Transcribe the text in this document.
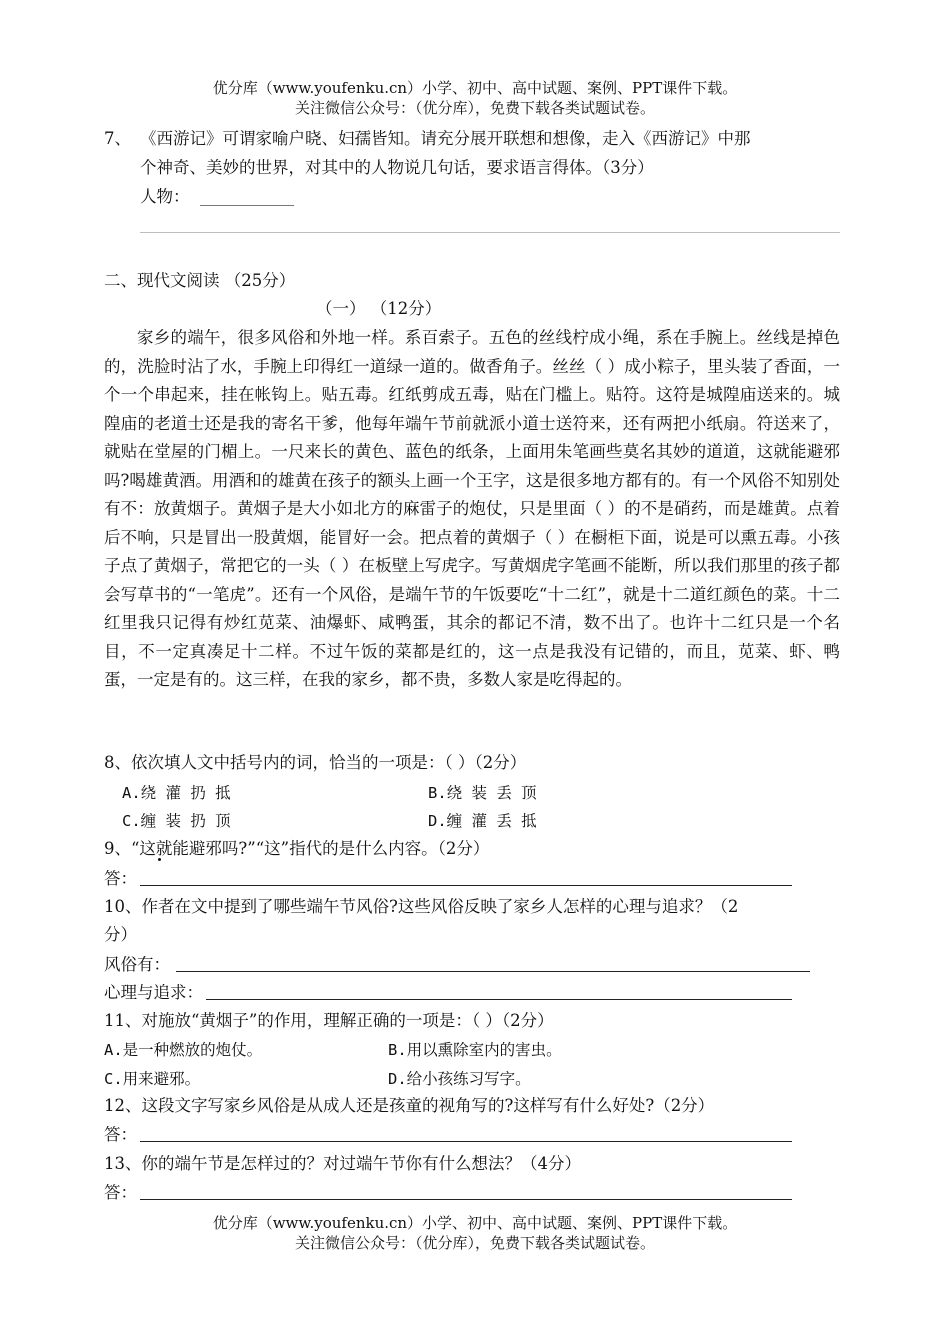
优分库（www.youfenku.cn）小学、初中、高中试题、案例、PPT课件下载。
关注微信公众号：（优分库），免费下载各类试题试卷。
7、 《西游记》可谓家喻户晓、妇孺皆知。请充分展开联想和想像，走入《西游记》中那
个神奇、美妙的世界，对其中的人物说几句话，要求语言得体。（3分）
人物：
二、现代文阅读 （25分）
（一） （12分）
家乡的端午，很多风俗和外地一样。系百索子。五色的丝线柠成小绳，系在手腕上。丝线是掉色的，洗脸时沾了水，手腕上印得红一道绿一道的。做香角子。丝丝（ ）成小粽子，里头装了香面，一个一个串起来，挂在帐钩上。贴五毒。红纸剪成五毒，贴在门槛上。贴符。这符是城隍庙送来的。城隍庙的老道士还是我的寄名干爹，他每年端午节前就派小道士送符来，还有两把小纸扇。符送来了，就贴在堂屋的门楣上。一尺来长的黄色、蓝色的纸条，上面用朱笔画些莫名其妙的道道，这就能避邪吗?喝雄黄酒。用酒和的雄黄在孩子的额头上画一个王字，这是很多地方都有的。有一个风俗不知别处有不：放黄烟子。黄烟子是大小如北方的麻雷子的炮仗，只是里面（ ）的不是硝药，而是雄黄。点着后不响，只是冒出一股黄烟，能冒好一会。把点着的黄烟子（ ）在橱柜下面，说是可以熏五毒。小孩子点了黄烟子，常把它的一头（ ）在板壁上写虎字。写黄烟虎字笔画不能断，所以我们那里的孩子都会写草书的“一笔虎”。还有一个风俗，是端午节的午饭要吃“十二红”，就是十二道红颜色的菜。十二红里我只记得有炒红苋菜、油爆虾、咸鸭蛋，其余的都记不清，数不出了。也许十二红只是一个名目，不一定真凑足十二样。不过午饭的菜都是红的，这一点是我没有记错的，而且，苋菜、虾、鸭蛋，一定是有的。这三样，在我的家乡，都不贵，多数人家是吃得起的。
8、依次填人文中括号内的词，恰当的一项是：（ ）（2分）
A.绕 灌 扔 抵	B.绕 装 丢 顶
C.缠 装 扔 顶	D.缠 灌 丢 抵
9、“这就能避邪吗?”“这”指代的是什么内容。（2分）
答：
10、作者在文中提到了哪些端午节风俗?这些风俗反映了家乡人怎样的心理与追求？（2
分）
风俗有：
心理与追求：
11、对施放“黄烟子”的作用，理解正确的一项是：（ ）（2分）
A.是一种燃放的炮仗。	B.用以熏除室内的害虫。
C.用来避邪。	D.给小孩练习写字。
12、这段文字写家乡风俗是从成人还是孩童的视角写的?这样写有什么好处?（2分）
答：
13、你的端午节是怎样过的？对过端午节你有什么想法？（4分）
答：
优分库（www.youfenku.cn）小学、初中、高中试题、案例、PPT课件下载。
关注微信公众号：（优分库），免费下载各类试题试卷。
